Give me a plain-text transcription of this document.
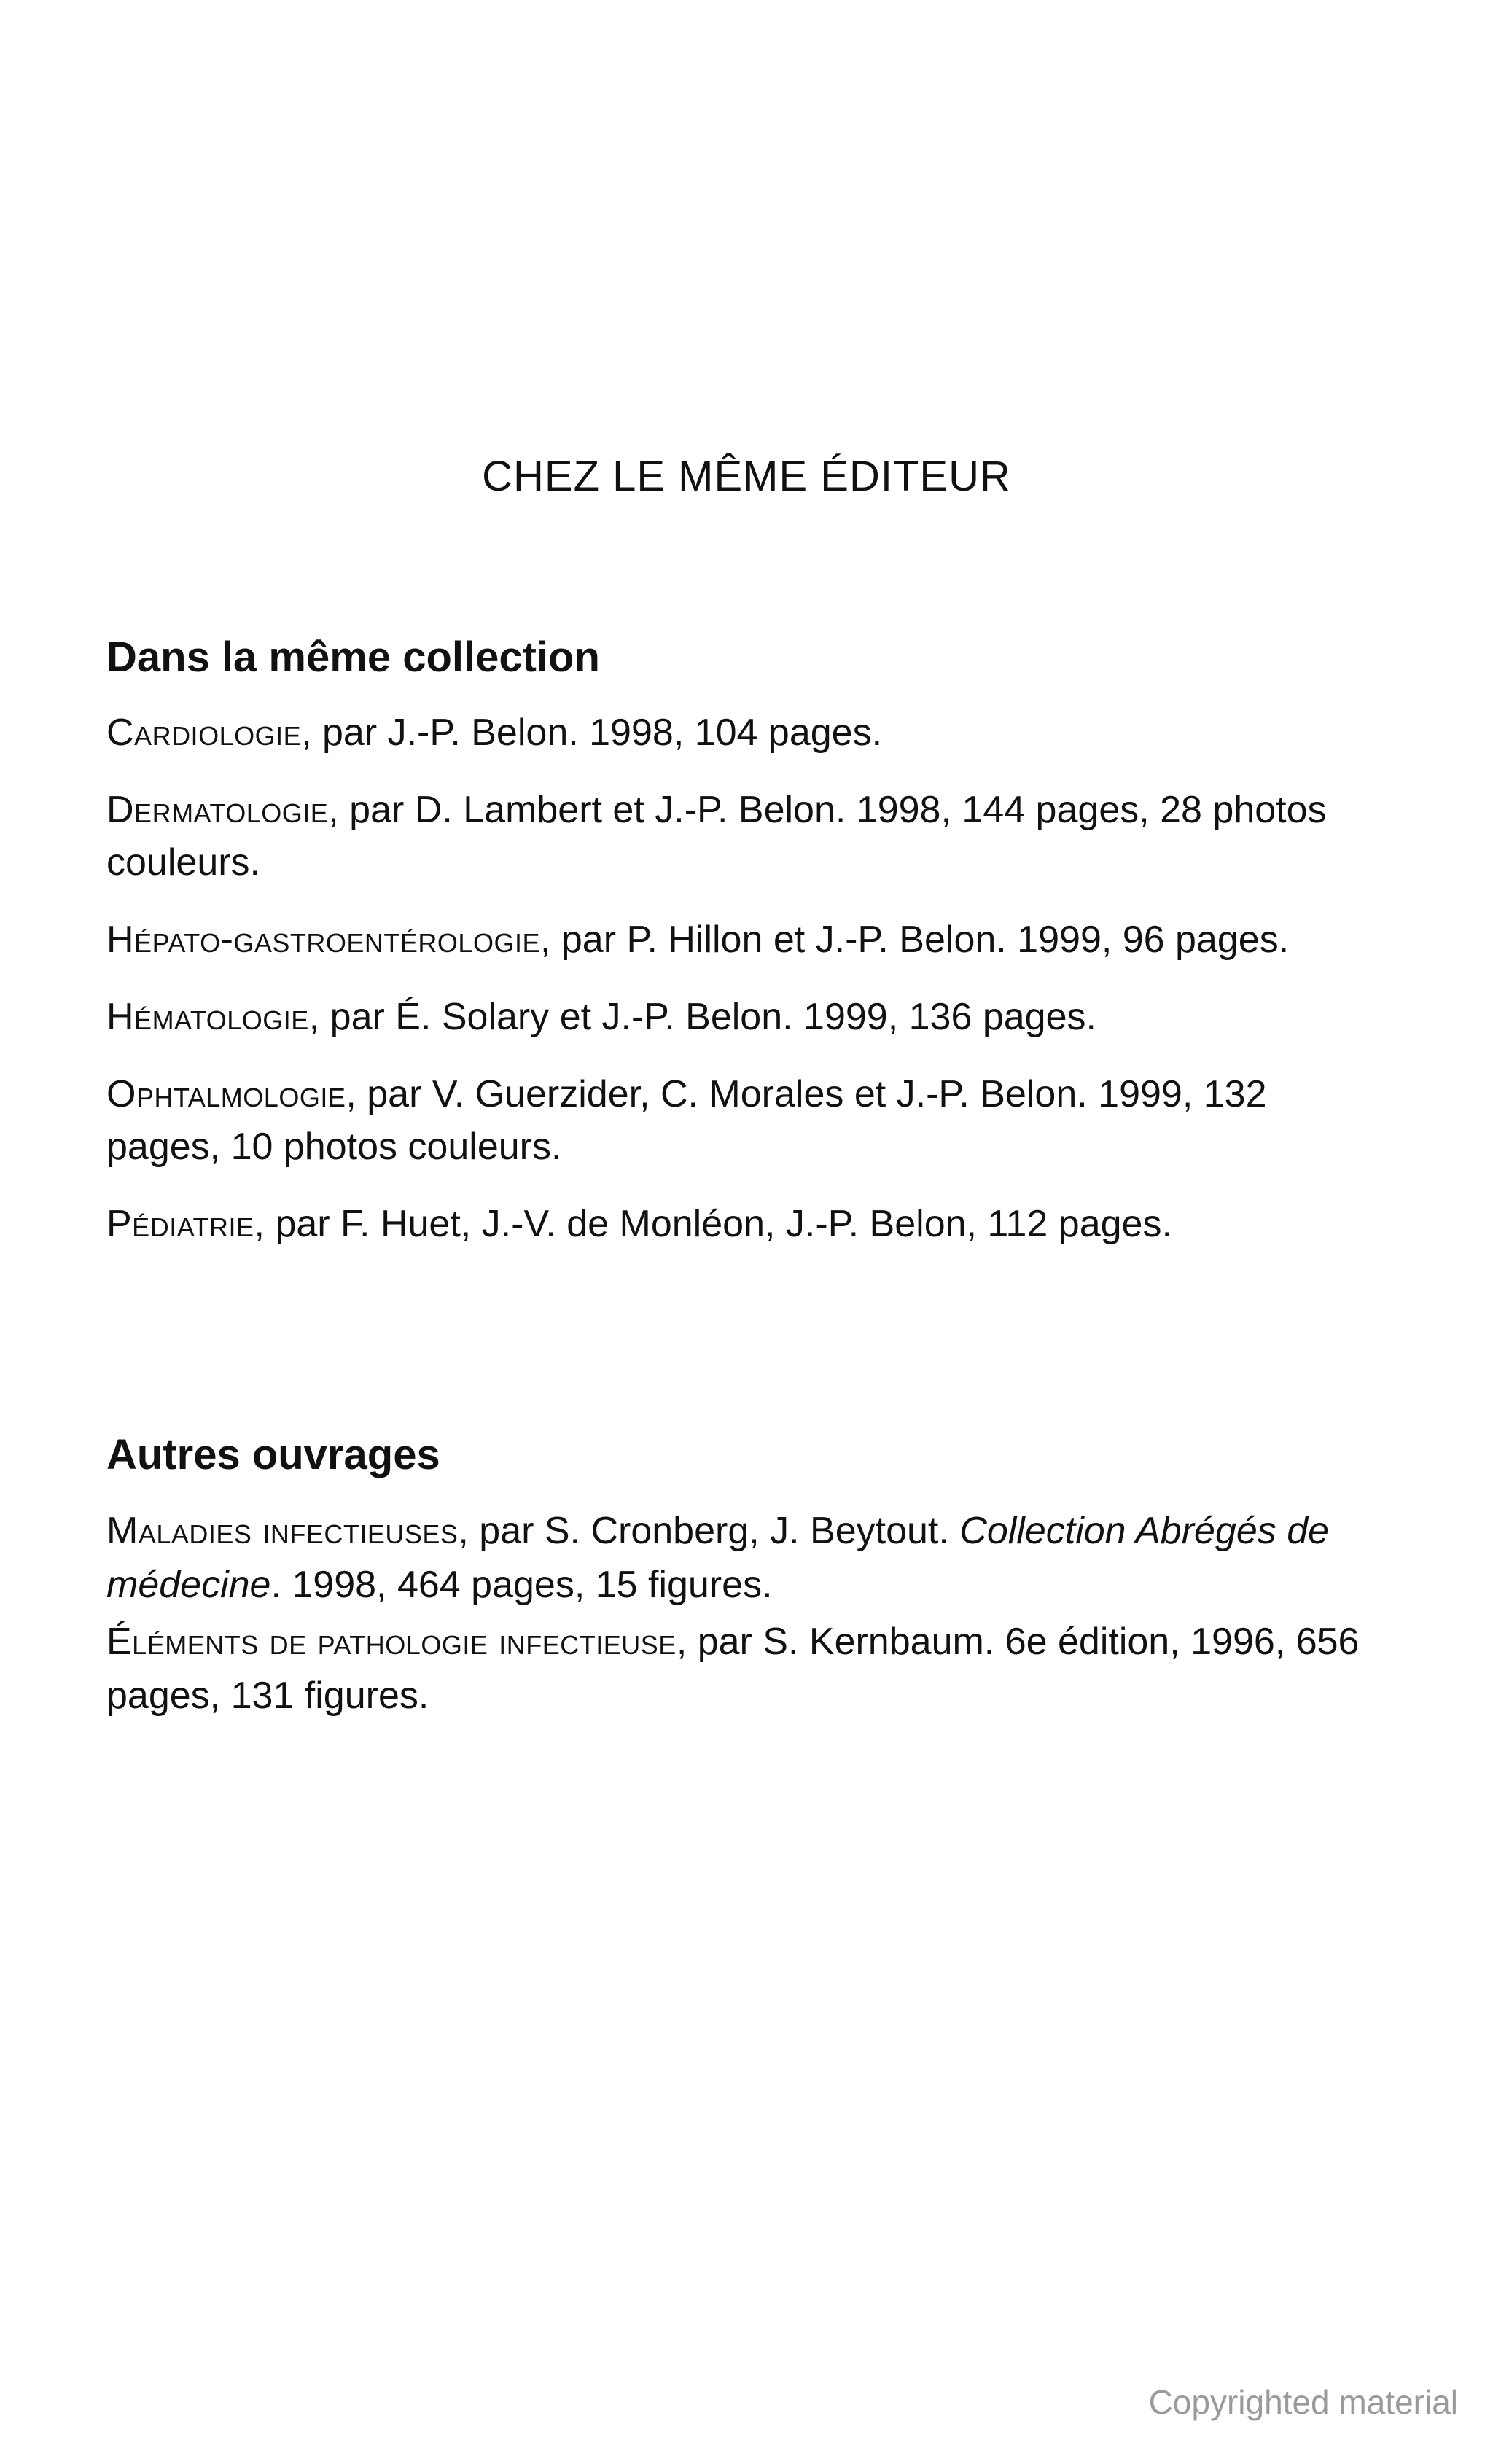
CHEZ LE MÊME ÉDITEUR
Dans la même collection
Cardiologie, par J.-P. Belon. 1998, 104 pages.
Dermatologie, par D. Lambert et J.-P. Belon. 1998, 144 pages, 28 photos couleurs.
Hépato-gastroentérologie, par P. Hillon et J.-P. Belon. 1999, 96 pages.
Hématologie, par É. Solary et J.-P. Belon. 1999, 136 pages.
Ophtalmologie, par V. Guerzider, C. Morales et J.-P. Belon. 1999, 132 pages, 10 photos couleurs.
Pédiatrie, par F. Huet, J.-V. de Monléon, J.-P. Belon, 112 pages.
Autres ouvrages
Maladies infectieuses, par S. Cronberg, J. Beytout. Collection Abrégés de médecine. 1998, 464 pages, 15 figures.
Éléments de pathologie infectieuse, par S. Kernbaum. 6e édition, 1996, 656 pages, 131 figures.
Copyrighted material
